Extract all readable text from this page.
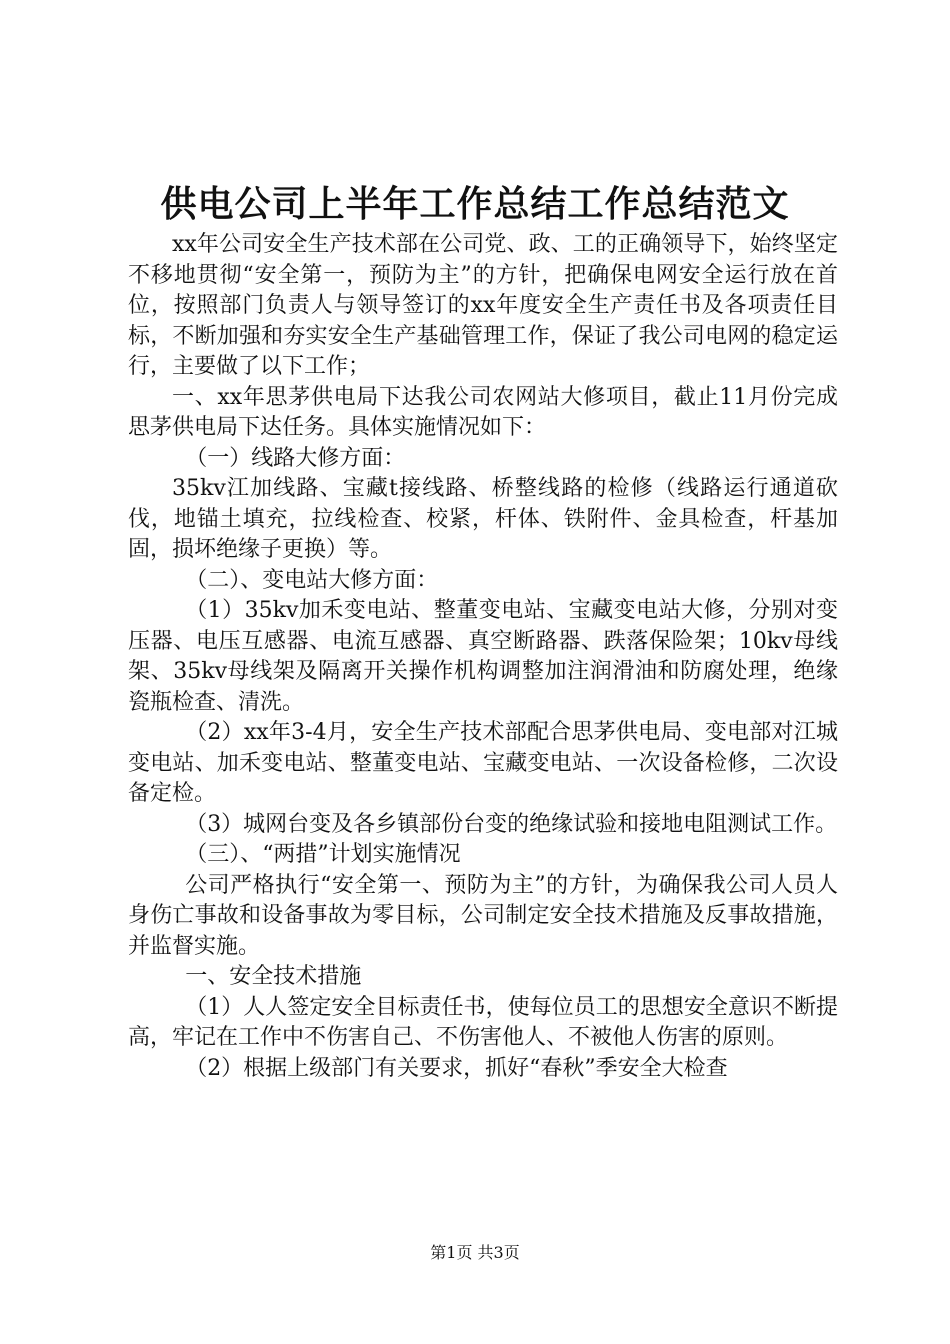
供电公司上半年工作总结工作总结范文

xx年公司安全生产技术部在公司党、政、工的正确领导下，始终坚定不移地贯彻“安全第一，预防为主”的方针，把确保电网安全运行放在首位，按照部门负责人与领导签订的xx年度安全生产责任书及各项责任目标，不断加强和夯实安全生产基础管理工作，保证了我公司电网的稳定运行，主要做了以下工作；

一、xx年思茅供电局下达我公司农网站大修项目，截止11月份完成思茅供电局下达任务。具体实施情况如下：

（一）线路大修方面：

35kv江加线路、宝藏t接线路、桥整线路的检修（线路运行通道砍伐，地锚土填充，拉线检查、校紧，杆体、铁附件、金具检查，杆基加固，损坏绝缘子更换）等。

（二）、变电站大修方面：

（1）35kv加禾变电站、整董变电站、宝藏变电站大修，分别对变压器、电压互感器、电流互感器、真空断路器、跌落保险架；10kv母线架、35kv母线架及隔离开关操作机构调整加注润滑油和防腐处理，绝缘瓷瓶检查、清洗。

（2）xx年3-4月，安全生产技术部配合思茅供电局、变电部对江城变电站、加禾变电站、整董变电站、宝藏变电站、一次设备检修，二次设备定检。

（3）城网台变及各乡镇部份台变的绝缘试验和接地电阻测试工作。

（三）、“两措”计划实施情况

公司严格执行“安全第一、预防为主”的方针，为确保我公司人员人身伤亡事故和设备事故为零目标，公司制定安全技术措施及反事故措施，并监督实施。

一、安全技术措施

（1）人人签定安全目标责任书，使每位员工的思想安全意识不断提高，牢记在工作中不伤害自己、不伤害他人、不被他人伤害的原则。

（2）根据上级部门有关要求，抓好“春秋”季安全大检查

第1页 共3页
